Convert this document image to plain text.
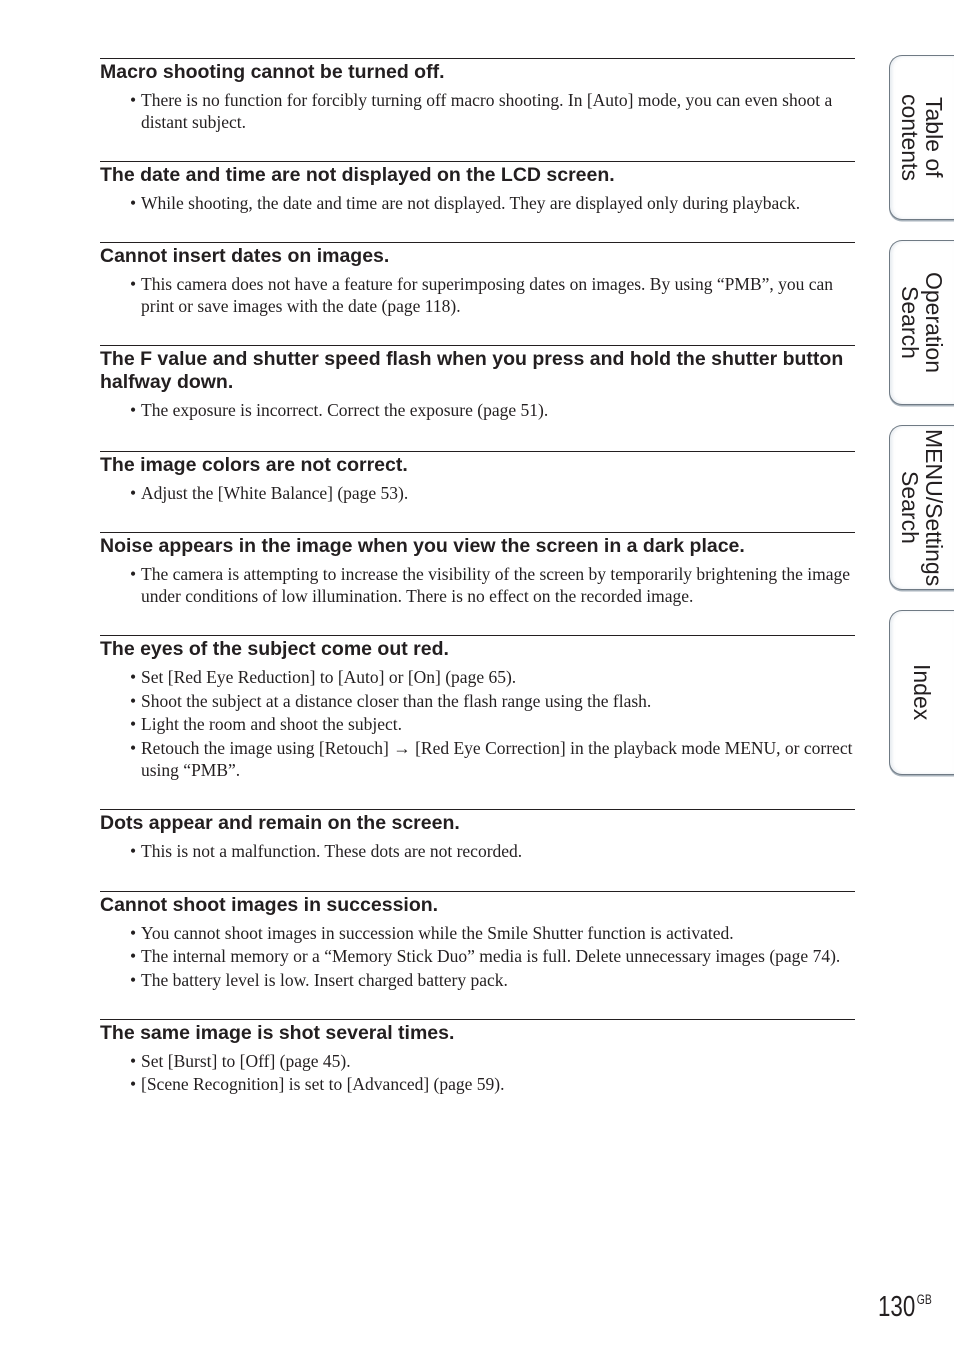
Macro shooting cannot be turned off.
• There is no function for forcibly turning off macro shooting. In [Auto] mode, you can even shoot a distant subject.
The date and time are not displayed on the LCD screen.
• While shooting, the date and time are not displayed. They are displayed only during playback.
Cannot insert dates on images.
• This camera does not have a feature for superimposing dates on images. By using “PMB”, you can print or save images with the date (page 118).
The F value and shutter speed flash when you press and hold the shutter button halfway down.
• The exposure is incorrect. Correct the exposure (page 51).
The image colors are not correct.
• Adjust the [White Balance] (page 53).
Noise appears in the image when you view the screen in a dark place.
• The camera is attempting to increase the visibility of the screen by temporarily brightening the image under conditions of low illumination. There is no effect on the recorded image.
The eyes of the subject come out red.
• Set [Red Eye Reduction] to [Auto] or [On] (page 65).
• Shoot the subject at a distance closer than the flash range using the flash.
• Light the room and shoot the subject.
• Retouch the image using [Retouch] → [Red Eye Correction] in the playback mode MENU, or correct using “PMB”.
Dots appear and remain on the screen.
• This is not a malfunction. These dots are not recorded.
Cannot shoot images in succession.
• You cannot shoot images in succession while the Smile Shutter function is activated.
• The internal memory or a “Memory Stick Duo” media is full. Delete unnecessary images (page 74).
• The battery level is low. Insert charged battery pack.
The same image is shot several times.
• Set [Burst] to [Off] (page 45).
• [Scene Recognition] is set to [Advanced] (page 59).
Table of
contents
Operation
Search
MENU/Settings
Search
Index
130 $^{GB}$
